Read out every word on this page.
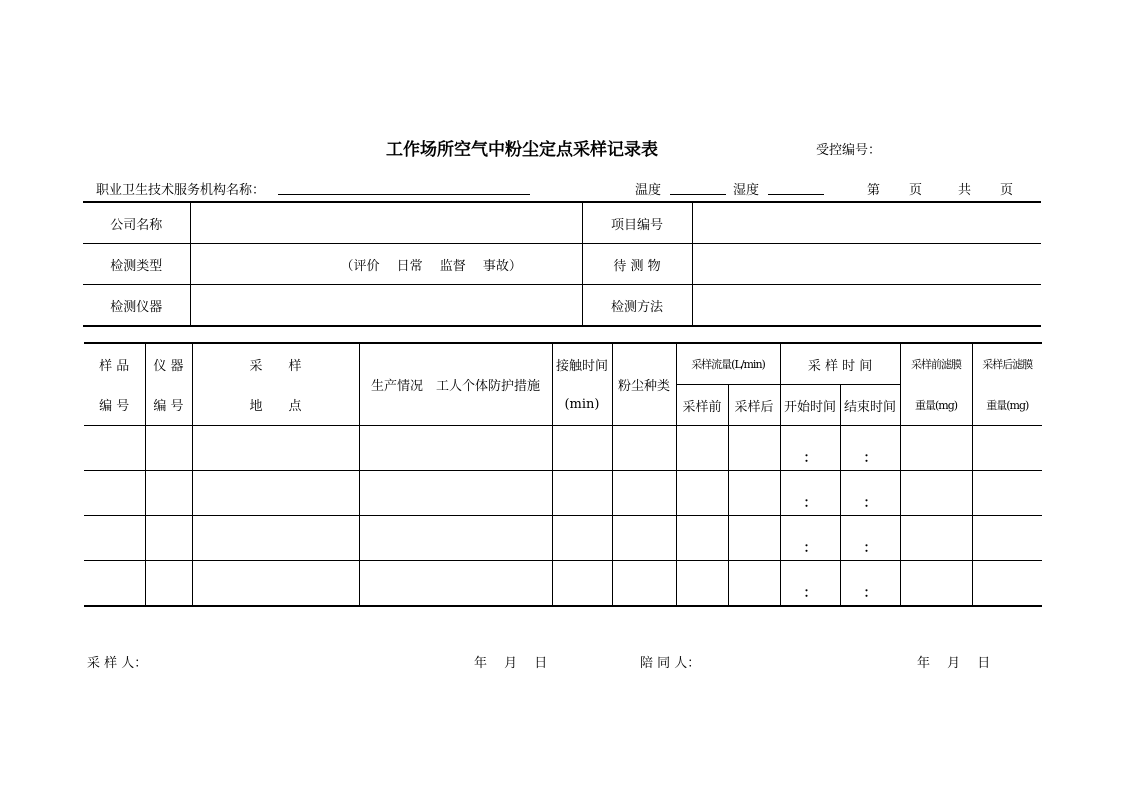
工作场所空气中粉尘定点采样记录表	受控编号：
职业卫生技术服务机构名称：	温度	湿度	第 页	共 页
公司名称		项目编号	
检测类型	（评价　 日常　 监督　 事故）	待 测 物	
检测仪器		检测方法	
样 品	仪 器	采　　样	生产情况　工人个体防护措施	接触时间	粉尘种类	采样流量(L/min)		采 样 时 间		采样前滤膜	采样后滤膜
编 号	编 号	地　　点		(min)		采样前	采样后	开始时间	结束时间	重量(mg)	重量(mg)
								：	：		
								：	：		
								：	：		
								：	：		
采 样 人：	年　 月　 日	陪 同 人：	年　 月　 日
